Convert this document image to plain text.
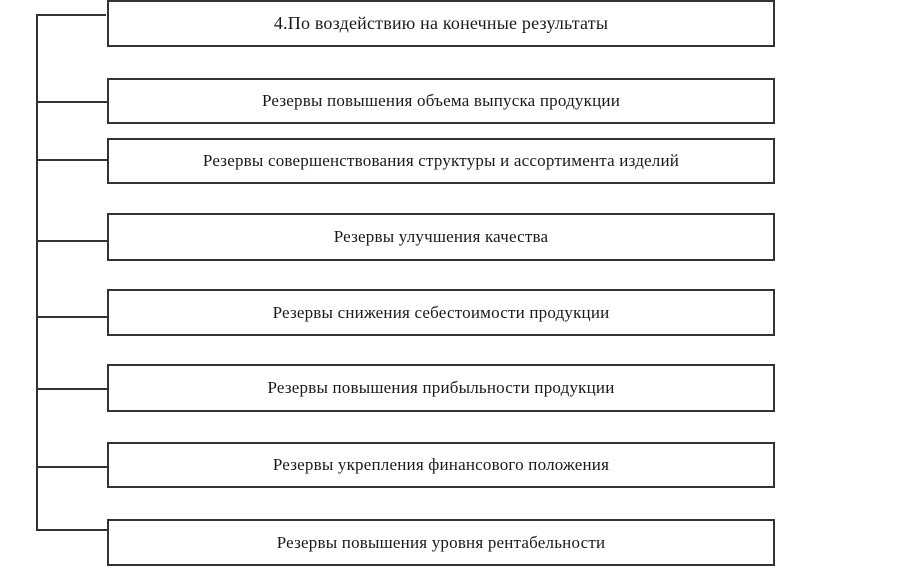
4.По воздействию на конечные результаты
Резервы повышения объема выпуска продукции
Резервы совершенствования структуры и ассортимента изделий
Резервы улучшения качества
Резервы снижения себестоимости продукции
Резервы повышения прибыльности продукции
Резервы укрепления финансового положения
Резервы повышения уровня рентабельности
